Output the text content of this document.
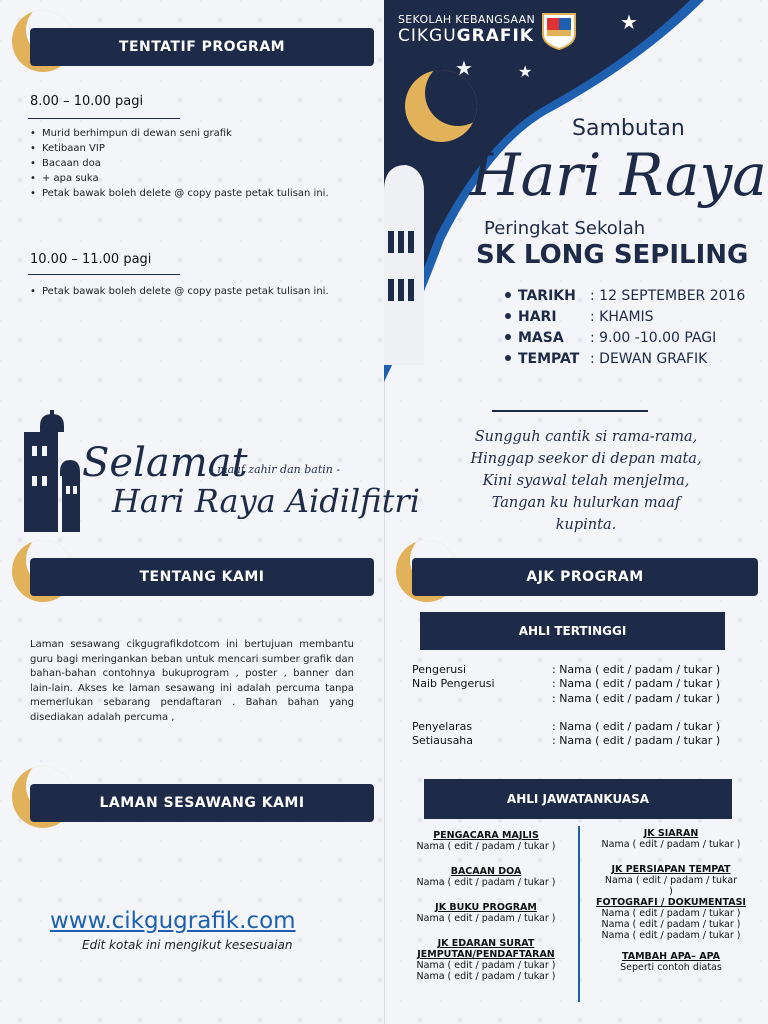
TENTATIF PROGRAM
8.00 – 10.00 pagi
• Murid berhimpun di dewan seni grafik
• Ketibaan VIP
• Bacaan doa
• + apa suka
• Petak bawak boleh delete @ copy paste petak tulisan ini.
10.00 – 11.00 pagi
• Petak bawak boleh delete @ copy paste petak tulisan ini.
Selamat
- maaf zahir dan batin -
Hari Raya Aidilfitri
TENTANG KAMI
Laman sesawang cikgugrafikdotcom ini bertujuan membantu guru bagi meringankan beban untuk mencari sumber grafik dan bahan-bahan contohnya bukuprogram , poster , banner dan lain-lain. Akses ke laman sesawang ini adalah percuma tanpa memerlukan sebarang pendaftaran . Bahan bahan yang disediakan adalah percuma ,
LAMAN SESAWANG KAMI
www.cikgugrafik.com
Edit kotak ini mengikut kesesuaian
★	★
★
SEKOLAH KEBANGSAAN
CIKGUGRAFIK
Sambutan
Hari Raya
Peringkat Sekolah
SK LONG SEPILING
TARIKH : 12 SEPTEMBER 2016
HARI : KHAMIS
MASA : 9.00 -10.00 PAGI
TEMPAT : DEWAN GRAFIK
Sungguh cantik si rama-rama,
Hinggap seekor di depan mata,
Kini syawal telah menjelma,
Tangan ku hulurkan maaf kupinta.
AJK PROGRAM
AHLI TERTINGGI
Pengerusi	: Nama ( edit / padam / tukar )
Naib Pengerusi	: Nama ( edit / padam / tukar )
: Nama ( edit / padam / tukar )
Penyelaras	: Nama ( edit / padam / tukar )
Setiausaha	: Nama ( edit / padam / tukar )
AHLI JAWATANKUASA
PENGACARA MAJLIS
Nama ( edit / padam / tukar )
BACAAN DOA
Nama ( edit / padam / tukar )
JK BUKU PROGRAM
Nama ( edit / padam / tukar )
JK EDARAN SURAT
JEMPUTAN/PENDAFTARAN
Nama ( edit / padam / tukar )
Nama ( edit / padam / tukar )
JK SIARAN
Nama ( edit / padam / tukar )
JK PERSIAPAN TEMPAT
Nama ( edit / padam / tukar
)
FOTOGRAFI / DOKUMENTASI
Nama ( edit / padam / tukar )
Nama ( edit / padam / tukar )
Nama ( edit / padam / tukar )
TAMBAH APA– APA
Seperti contoh diatas
